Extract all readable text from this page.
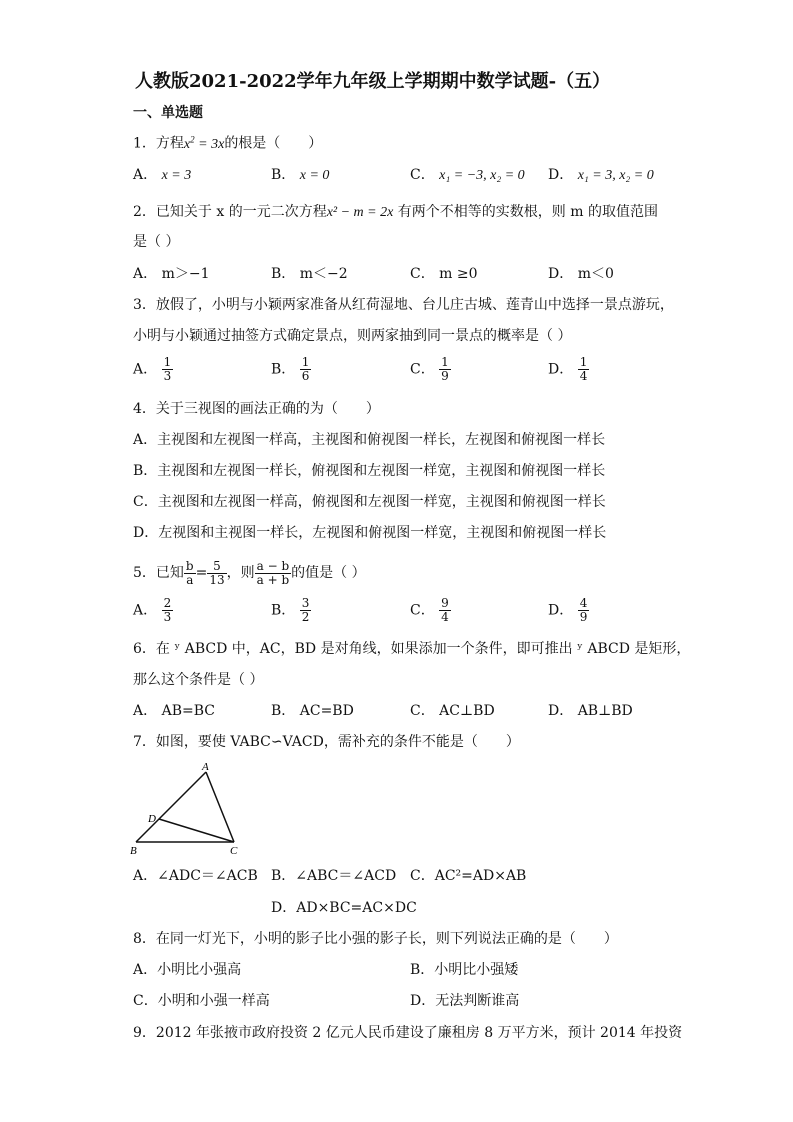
人教版2021-2022学年九年级上学期期中数学试题-（五）
一、单选题
1．方程$x^2 = 3x$的根是（　　）
A． x = 3	B． x = 0	C． x₁ = −3, x₂ = 0 D． x₁ = 3, x₂ = 0
2．已知关于 x 的一元二次方程x² − m = 2x 有两个不相等的实数根，则 m 的取值范围
是（ ）
A． m＞−1	B． m＜−2	C． m ≥0	D． m＜0
3．放假了，小明与小颖两家准备从红荷湿地、台儿庄古城、莲青山中选择一景点游玩，
小明与小颖通过抽签方式确定景点，则两家抽到同一景点的概率是（ ）
A． $\frac{1}{3}$	B． $\frac{1}{6}$	C． $\frac{1}{9}$	D． $\frac{1}{4}$
4．关于三视图的画法正确的为（　　）
A．主视图和左视图一样高，主视图和俯视图一样长，左视图和俯视图一样长
B．主视图和左视图一样长，俯视图和左视图一样宽，主视图和俯视图一样长
C．主视图和左视图一样高，俯视图和左视图一样宽，主视图和俯视图一样长
D．左视图和主视图一样长，左视图和俯视图一样宽，主视图和俯视图一样长
5．已知 $\frac{b}{a} = \frac{5}{13}$ ，则 $\frac{a - b}{a + b}$ 的值是（ ）
A． $\frac{2}{3}$	B． $\frac{3}{2}$	C． $\frac{9}{4}$	D． $\frac{4}{9}$
6．在 ʸ ABCD 中，AC，BD 是对角线，如果添加一个条件，即可推出 ʸ ABCD 是矩形，
那么这个条件是（ ）
A． AB=BC	B． AC=BD	C． AC⊥BD	D． AB⊥BD
7．如图，要使 VABC∽VACD，需补充的条件不能是（　　）
A
B	C
D
A．∠ADC＝∠ACB B．∠ABC＝∠ACD C．AC²=AD×AB
D．AD×BC=AC×DC
8．在同一灯光下，小明的影子比小强的影子长，则下列说法正确的是（　　）
A．小明比小强高	B．小明比小强矮
C．小明和小强一样高	D．无法判断谁高
9．2012 年张掖市政府投资 2 亿元人民币建设了廉租房 8 万平方米，预计 2014 年投资
